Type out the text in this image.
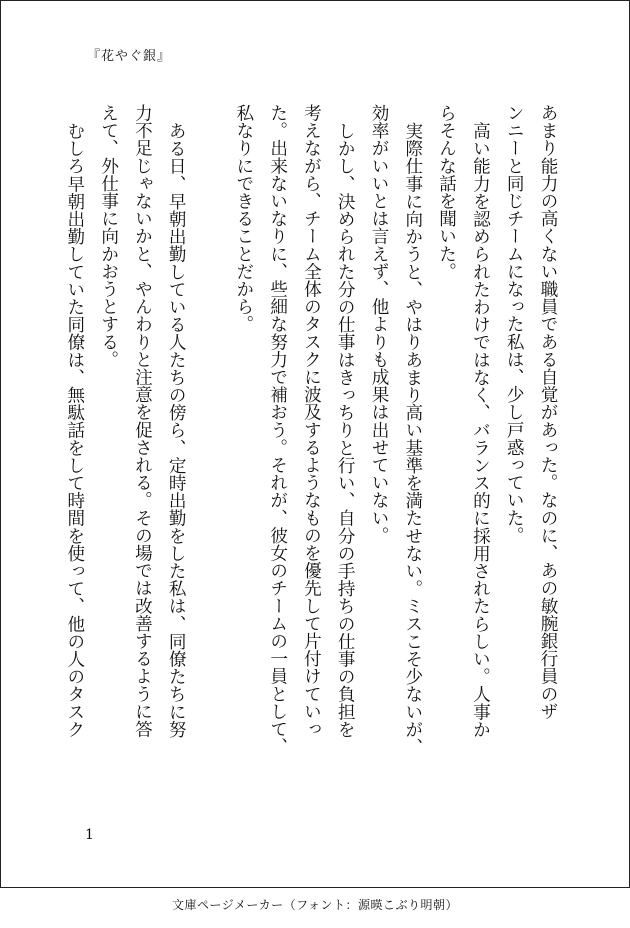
『花やぐ銀』

あまり能力の高くない職員である自覚があった。なのに、あの敏腕銀行員のザ
ンニーと同じチームになった私は、少し戸惑っていた。

高い能力を認められたわけではなく、バランス的に採用されたらしい。人事か
らそんな話を聞いた。

実際仕事に向かうと、やはりあまり高い基準を満たせない。ミスこそ少ないが、
効率がいいとは言えず、他よりも成果は出せていない。

しかし、決められた分の仕事はきっちりと行い、自分の手持ちの仕事の負担を
考えながら、チーム全体のタスクに波及するようなものを優先して片付けていっ
た。出来ないなりに、些細な努力で補おう。それが、彼女のチームの一員として、
私なりにできることだから。

ある日、早朝出勤している人たちの傍ら、定時出勤をした私は、同僚たちに努
力不足じゃないかと、やんわりと注意を促される。その場では改善するように答
えて、外仕事に向かおうとする。

むしろ早朝出勤していた同僚は、無駄話をして時間を使って、他の人のタスク

1
文庫ページメーカー（フォント：源暎こぶり明朝）
